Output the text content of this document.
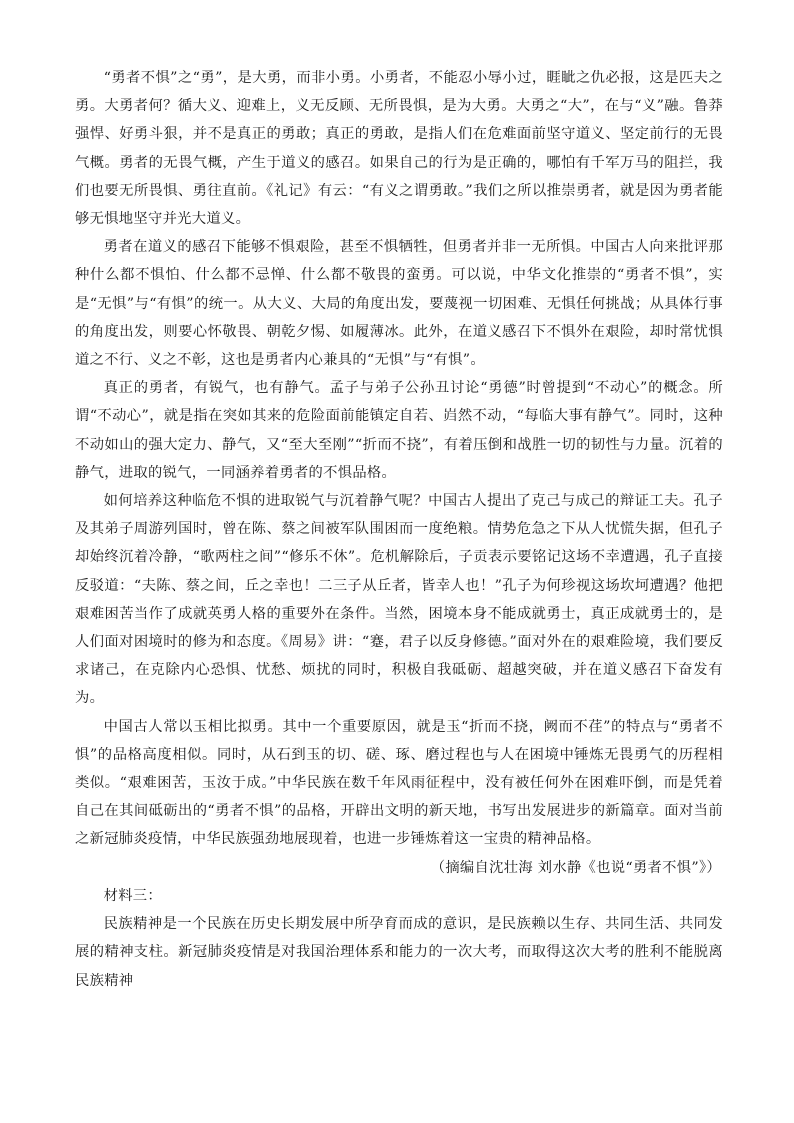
“勇者不惧”之“勇”，是大勇，而非小勇。小勇者，不能忍小辱小过，睚眦之仇必报，这是匹夫之勇。大勇者何？循大义、迎难上，义无反顾、无所畏惧，是为大勇。大勇之“大”，在与“义”融。鲁莽强悍、好勇斗狠，并不是真正的勇敢；真正的勇敢，是指人们在危难面前坚守道义、坚定前行的无畏气概。勇者的无畏气概，产生于道义的感召。如果自己的行为是正确的，哪怕有千军万马的阻拦，我们也要无所畏惧、勇往直前。《礼记》有云：“有义之谓勇敢。”我们之所以推崇勇者，就是因为勇者能够无惧地坚守并光大道义。

勇者在道义的感召下能够不惧艰险，甚至不惧牺牲，但勇者并非一无所惧。中国古人向来批评那种什么都不惧怕、什么都不忌惮、什么都不敬畏的蛮勇。可以说，中华文化推崇的“勇者不惧”，实是“无惧”与“有惧”的统一。从大义、大局的角度出发，要蔑视一切困难、无惧任何挑战；从具体行事的角度出发，则要心怀敬畏、朝乾夕惕、如履薄冰。此外，在道义感召下不惧外在艰险，却时常忧惧道之不行、义之不彰，这也是勇者内心兼具的“无惧”与“有惧”。

真正的勇者，有锐气，也有静气。孟子与弟子公孙丑讨论“勇德”时曾提到“不动心”的概念。所谓“不动心”，就是指在突如其来的危险面前能镇定自若、岿然不动，“每临大事有静气”。同时，这种不动如山的强大定力、静气，又“至大至刚”“折而不挠”，有着压倒和战胜一切的韧性与力量。沉着的静气，进取的锐气，一同涵养着勇者的不惧品格。

如何培养这种临危不惧的进取锐气与沉着静气呢？中国古人提出了克己与成己的辩证工夫。孔子及其弟子周游列国时，曾在陈、蔡之间被军队围困而一度绝粮。情势危急之下从人忧慌失据，但孔子却始终沉着冷静，“歌两柱之间”“修乐不休”。危机解除后，子贡表示要铭记这场不幸遭遇，孔子直接反驳道：“夫陈、蔡之间，丘之幸也！二三子从丘者，皆幸人也！”孔子为何珍视这场坎坷遭遇？他把艰难困苦当作了成就英勇人格的重要外在条件。当然，困境本身不能成就勇士，真正成就勇士的，是人们面对困境时的修为和态度。《周易》讲：“蹇，君子以反身修德。”面对外在的艰难险境，我们要反求诸己，在克除内心恐惧、忧愁、烦扰的同时，积极自我砥砺、超越突破，并在道义感召下奋发有为。

中国古人常以玉相比拟勇。其中一个重要原因，就是玉“折而不挠，阙而不荏”的特点与“勇者不惧”的品格高度相似。同时，从石到玉的切、磋、琢、磨过程也与人在困境中锤炼无畏勇气的历程相类似。“艰难困苦，玉汝于成。”中华民族在数千年风雨征程中，没有被任何外在困难吓倒，而是凭着自己在其间砥砺出的“勇者不惧”的品格，开辟出文明的新天地，书写出发展进步的新篇章。面对当前之新冠肺炎疫情，中华民族强劲地展现着，也进一步锤炼着这一宝贵的精神品格。

（摘编自沈壮海 刘水静《也说“勇者不惧”》）

材料三：

民族精神是一个民族在历史长期发展中所孕育而成的意识，是民族赖以生存、共同生活、共同发展的精神支柱。新冠肺炎疫情是对我国治理体系和能力的一次大考，而取得这次大考的胜利不能脱离民族精神
